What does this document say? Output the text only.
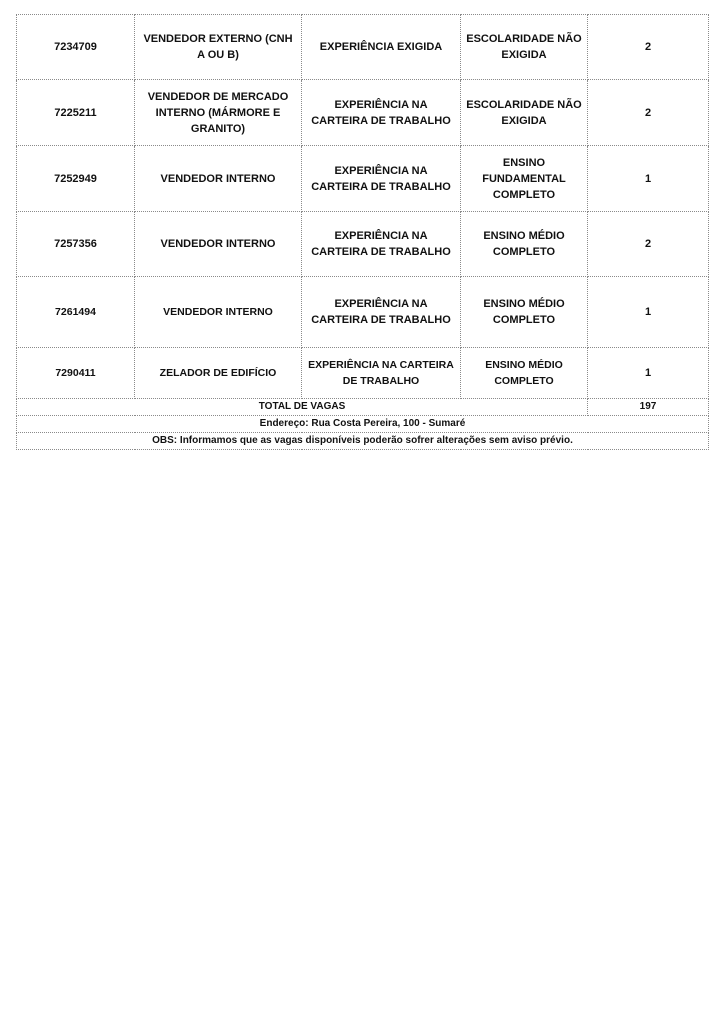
7234709	VENDEDOR EXTERNO (CNH A OU B)	EXPERIÊNCIA EXIGIDA	ESCOLARIDADE NÃO EXIGIDA	2
7225211	VENDEDOR DE MERCADO INTERNO (MÁRMORE E GRANITO)	EXPERIÊNCIA NA CARTEIRA DE TRABALHO	ESCOLARIDADE NÃO EXIGIDA	2
7252949	VENDEDOR INTERNO	EXPERIÊNCIA NA CARTEIRA DE TRABALHO	ENSINO FUNDAMENTAL COMPLETO	1
7257356	VENDEDOR INTERNO	EXPERIÊNCIA NA CARTEIRA DE TRABALHO	ENSINO MÉDIO COMPLETO	2
7261494	VENDEDOR INTERNO	EXPERIÊNCIA NA CARTEIRA DE TRABALHO	ENSINO MÉDIO COMPLETO	1
7290411	ZELADOR DE EDIFÍCIO	EXPERIÊNCIA NA CARTEIRA DE TRABALHO	ENSINO MÉDIO COMPLETO	1
TOTAL DE VAGAS				197
Endereço: Rua Costa Pereira, 100 - Sumaré				
OBS: Informamos que as vagas disponíveis poderão sofrer alterações sem aviso prévio.				
